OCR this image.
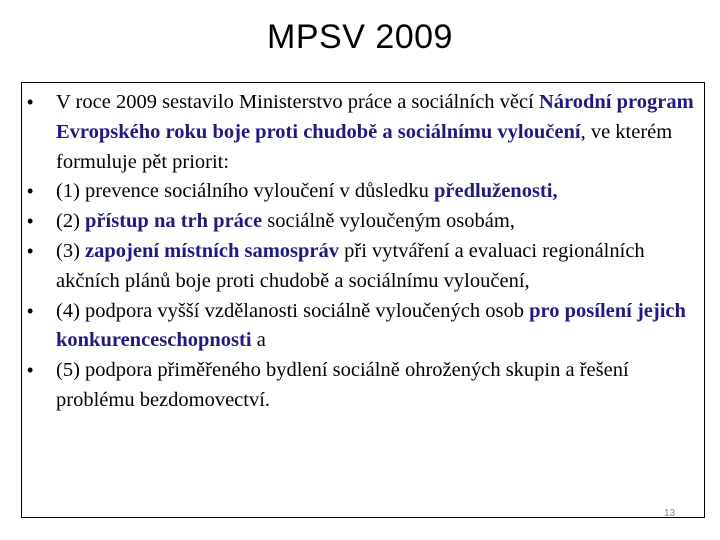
MPSV 2009
•	V roce 2009 sestavilo Ministerstvo práce a sociálních věcí Národní program Evropského roku boje proti chudobě a sociálnímu vyloučení, ve kterém formuluje pět priorit:
•	(1) prevence sociálního vyloučení v důsledku předluženosti,
•	(2) přístup na trh práce sociálně vyloučeným osobám,
•	(3) zapojení místních samospráv při vytváření a evaluaci regionálních akčních plánů boje proti chudobě a sociálnímu vyloučení,
•	(4) podpora vyšší vzdělanosti sociálně vyloučených osob pro posílení jejich konkurenceschopnosti a
•	(5) podpora přiměřeného bydlení sociálně ohrožených skupin a řešení problému bezdomovectví.
13
